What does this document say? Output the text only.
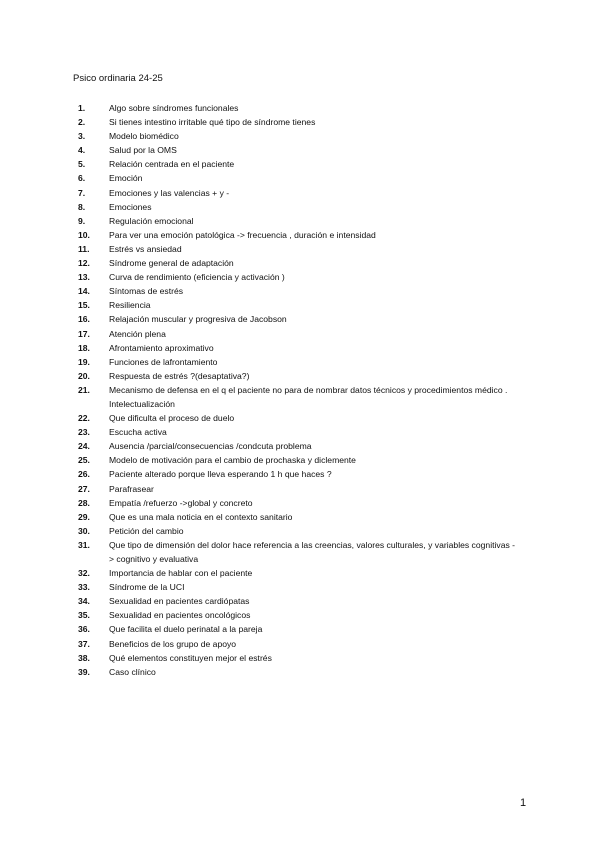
Psico ordinaria 24-25
1.	Algo sobre síndromes funcionales
2.	Si tienes intestino irritable qué tipo de síndrome tienes
3.	Modelo biomédico
4.	Salud por la OMS
5.	Relación centrada en el paciente
6.	Emoción
7.	Emociones y las valencias + y -
8.	Emociones
9.	Regulación emocional
10.	Para ver una emoción patológica -> frecuencia , duración e intensidad
11.	Estrés vs ansiedad
12.	Síndrome general de adaptación
13.	Curva de rendimiento (eficiencia y activación )
14.	Síntomas de estrés
15.	Resiliencia
16.	Relajación muscular y progresiva de Jacobson
17.	Atención plena
18.	Afrontamiento aproximativo
19.	Funciones de lafrontamiento
20.	Respuesta de estrés ?(desaptativa?)
21.	Mecanismo de defensa en el q el paciente no para de nombrar datos técnicos y procedimientos médico . Intelectualización
22.	Que dificulta el proceso de duelo
23.	Escucha activa
24.	Ausencia /parcial/consecuencias /condcuta problema
25.	Modelo de motivación para el cambio de prochaska y diclemente
26.	Paciente alterado porque lleva esperando 1 h que haces ?
27.	Parafrasear
28.	Empatía /refuerzo ->global y concreto
29.	Que es una mala noticia en el contexto sanitario
30.	Petición del cambio
31.	Que tipo de dimensión del dolor hace referencia a las creencias, valores culturales, y variables cognitivas -> cognitivo y evaluativa
32.	Importancia de hablar con el paciente
33.	Síndrome de la UCI
34.	Sexualidad en pacientes cardiópatas
35.	Sexualidad en pacientes oncológicos
36.	Que facilita el duelo perinatal a la pareja
37.	Beneficios de los grupo de apoyo
38.	Qué elementos constituyen mejor el estrés
39.	Caso clínico
1
